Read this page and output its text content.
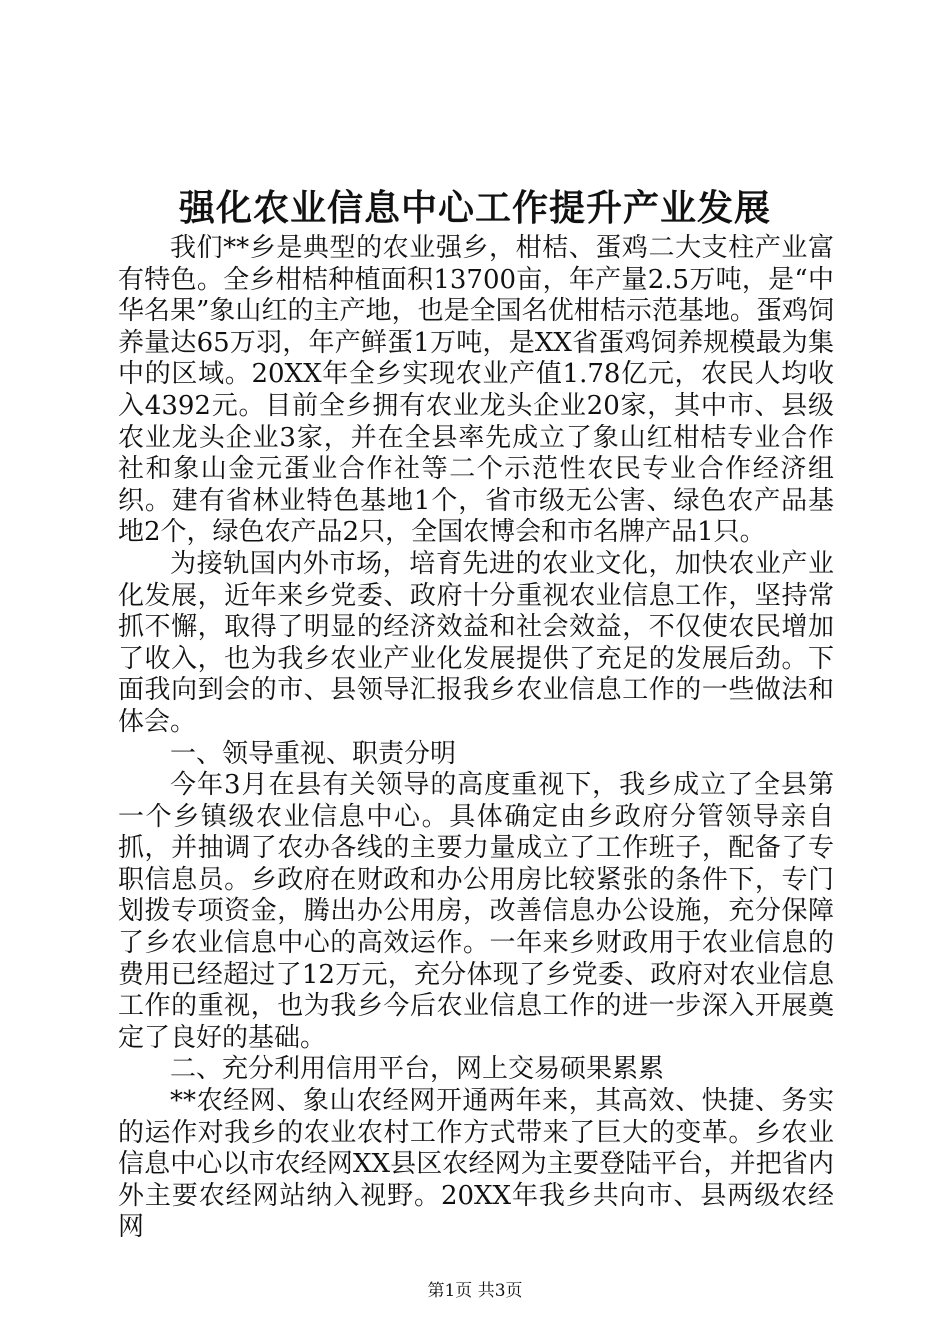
强化农业信息中心工作提升产业发展

我们**乡是典型的农业强乡，柑桔、蛋鸡二大支柱产业富有特色。全乡柑桔种植面积13700亩，年产量2.5万吨，是“中华名果”象山红的主产地，也是全国名优柑桔示范基地。蛋鸡饲养量达65万羽，年产鲜蛋1万吨，是XX省蛋鸡饲养规模最为集中的区域。20XX年全乡实现农业产值1.78亿元，农民人均收入4392元。目前全乡拥有农业龙头企业20家，其中市、县级农业龙头企业3家，并在全县率先成立了象山红柑桔专业合作社和象山金元蛋业合作社等二个示范性农民专业合作经济组织。建有省林业特色基地1个，省市级无公害、绿色农产品基地2个，绿色农产品2只，全国农博会和市名牌产品1只。

为接轨国内外市场，培育先进的农业文化，加快农业产业化发展，近年来乡党委、政府十分重视农业信息工作，坚持常抓不懈，取得了明显的经济效益和社会效益，不仅使农民增加了收入，也为我乡农业产业化发展提供了充足的发展后劲。下面我向到会的市、县领导汇报我乡农业信息工作的一些做法和体会。

一、领导重视、职责分明

今年3月在县有关领导的高度重视下，我乡成立了全县第一个乡镇级农业信息中心。具体确定由乡政府分管领导亲自抓，并抽调了农办各线的主要力量成立了工作班子，配备了专职信息员。乡政府在财政和办公用房比较紧张的条件下，专门划拨专项资金，腾出办公用房，改善信息办公设施，充分保障了乡农业信息中心的高效运作。一年来乡财政用于农业信息的费用已经超过了12万元，充分体现了乡党委、政府对农业信息工作的重视，也为我乡今后农业信息工作的进一步深入开展奠定了良好的基础。

二、充分利用信用平台，网上交易硕果累累

**农经网、象山农经网开通两年来，其高效、快捷、务实的运作对我乡的农业农村工作方式带来了巨大的变革。乡农业信息中心以市农经网XX县区农经网为主要登陆平台，并把省内外主要农经网站纳入视野。20XX年我乡共向市、县两级农经网

第1页 共3页
